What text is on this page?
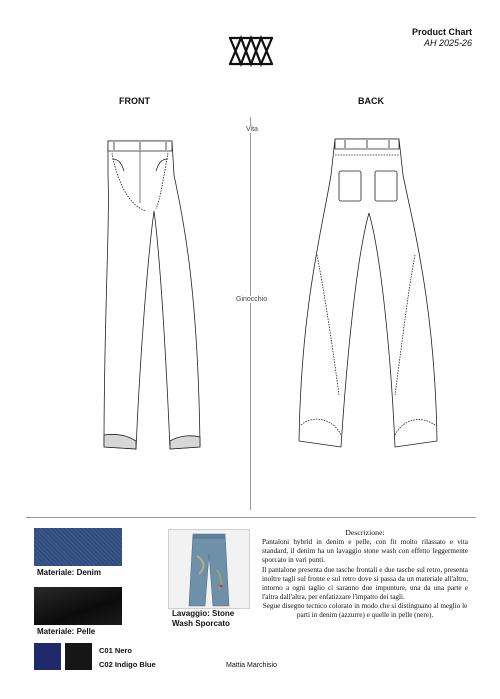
Product Chart
AH 2025-26
FRONT	BACK
Vita
Ginocchio
Materiale: Denim
Materiale: Pelle
C01 Nero
C02 Indigo Blue
Lavaggio: Stone
Wash Sporcato
Descrizione:

Pantaloni hybrid in denim e pelle, con fit molto rilassato e vita standard, il denim ha un lavaggio stone wash con effetto leggermente sporcato in vari punti.

Il pantalone presenta due tasche frontali e due tasche sul retro, presenta inoltre tagli sul fronte e sul retro dove si passa da un materiale all'altro, intorno a ogni taglio ci saranno due impunture, una da una parte e l'altra dall'altra, per enfatizzare l'impatto dei tagli.

Segue disegno tecnico colorato in modo che si distinguano al meglio le parti in denim (azzurre) e quelle in pelle (nere).

Mattia Marchisio
